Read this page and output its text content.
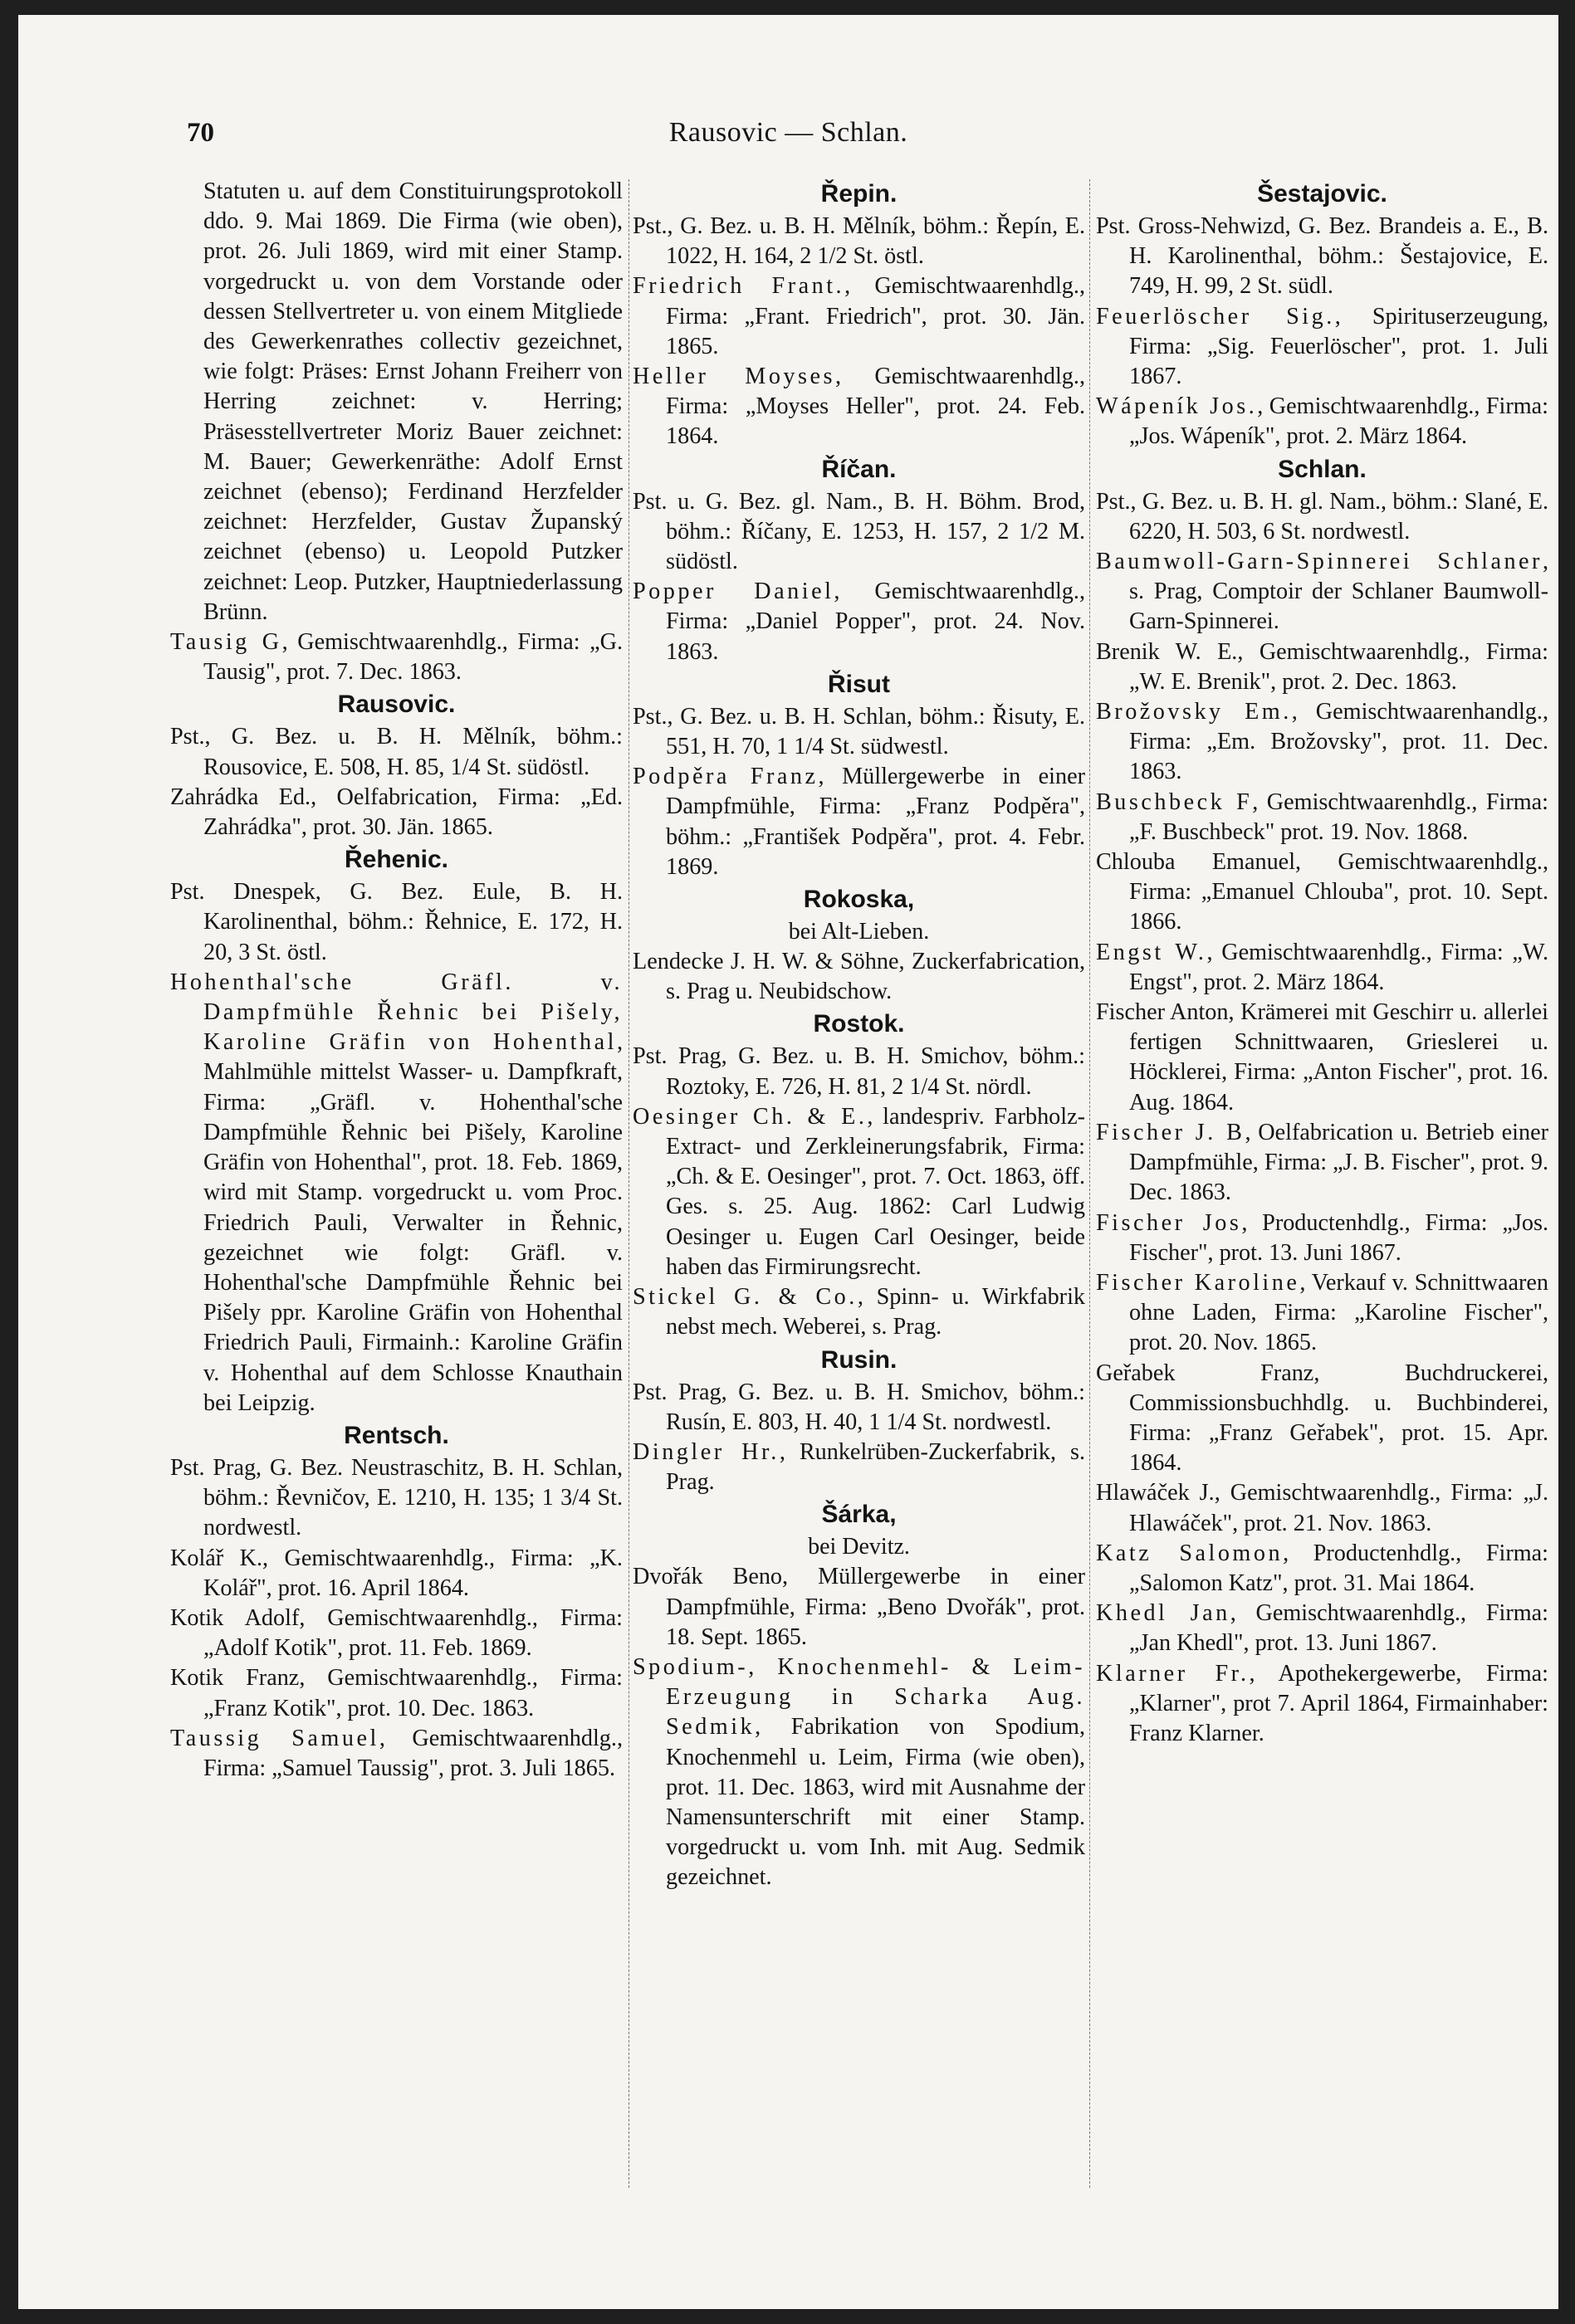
70	Rausovic — Schlan.
Statuten u. auf dem Constituirungsprotokoll ddo. 9. Mai 1869. Die Firma (wie oben), prot. 26. Juli 1869, wird mit einer Stamp. vorgedruckt u. von dem Vorstande oder dessen Stellvertreter u. von einem Mitgliede des Gewerkenrathes collectiv gezeichnet, wie folgt: Präses: Ernst Johann Freiherr von Herring zeichnet: v. Herring; Präsesstellvertreter Moriz Bauer zeichnet: M. Bauer; Gewerkenräthe: Adolf Ernst zeichnet (ebenso); Ferdinand Herzfelder zeichnet: Herzfelder, Gustav Županský zeichnet (ebenso) u. Leopold Putzker zeichnet: Leop. Putzker, Hauptniederlassung Brünn.
Tausig G, Gemischtwaarenhdlg., Firma: „G. Tausig", prot. 7. Dec. 1863.
Rausovic.
Pst., G. Bez. u. B. H. Mělník, böhm.: Rousovice, E. 508, H. 85, 1/4 St. südöstl.
Zahrádka Ed., Oelfabrication, Firma: „Ed. Zahrádka", prot. 30. Jän. 1865.
Řehenic.
Pst. Dnespek, G. Bez. Eule, B. H. Karolinenthal, böhm.: Řehnice, E. 172, H. 20, 3 St. östl.
Hohenthal'sche Gräfl. v. Dampfmühle Řehnic bei Pišely, Karoline Gräfin von Hohenthal, Mahlmühle mittelst Wasser- u. Dampfkraft, Firma: „Gräfl. v. Hohenthal'sche Dampfmühle Řehnic bei Pišely, Karoline Gräfin von Hohenthal", prot. 18. Feb. 1869, wird mit Stamp. vorgedruckt u. vom Proc. Friedrich Pauli, Verwalter in Řehnic, gezeichnet wie folgt: Gräfl. v. Hohenthal'sche Dampfmühle Řehnic bei Pišely ppr. Karoline Gräfin von Hohenthal Friedrich Pauli, Firmainh.: Karoline Gräfin v. Hohenthal auf dem Schlosse Knauthain bei Leipzig.
Rentsch.
Pst. Prag, G. Bez. Neustraschitz, B. H. Schlan, böhm.: Řevničov, E. 1210, H. 135; 1 3/4 St. nordwestl.
Kolář K., Gemischtwaarenhdlg., Firma: „K. Kolář", prot. 16. April 1864.
Kotik Adolf, Gemischtwaarenhdlg., Firma: „Adolf Kotik", prot. 11. Feb. 1869.
Kotik Franz, Gemischtwaarenhdlg., Firma: „Franz Kotik", prot. 10. Dec. 1863.
Taussig Samuel, Gemischtwaarenhdlg., Firma: „Samuel Taussig", prot. 3. Juli 1865.
Řepin.
Pst., G. Bez. u. B. H. Mělník, böhm.: Řepín, E. 1022, H. 164, 2 1/2 St. östl.
Friedrich Frant., Gemischtwaarenhdlg., Firma: „Frant. Friedrich", prot. 30. Jän. 1865.
Heller Moyses, Gemischtwaarenhdlg., Firma: „Moyses Heller", prot. 24. Feb. 1864.
Říčan.
Pst. u. G. Bez. gl. Nam., B. H. Böhm. Brod, böhm.: Říčany, E. 1253, H. 157, 2 1/2 M. südöstl.
Popper Daniel, Gemischtwaarenhdlg., Firma: „Daniel Popper", prot. 24. Nov. 1863.
Řisut
Pst., G. Bez. u. B. H. Schlan, böhm.: Řisuty, E. 551, H. 70, 1 1/4 St. südwestl.
Podpěra Franz, Müllergewerbe in einer Dampfmühle, Firma: „Franz Podpěra", böhm.: „František Podpěra", prot. 4. Febr. 1869.
Rokoska,
bei Alt-Lieben.
Lendecke J. H. W. & Söhne, Zuckerfabrication, s. Prag u. Neubidschow.
Rostok.
Pst. Prag, G. Bez. u. B. H. Smichov, böhm.: Roztoky, E. 726, H. 81, 2 1/4 St. nördl.
Oesinger Ch. & E., landespriv. Farbholz-Extract- und Zerkleinerungsfabrik, Firma: „Ch. & E. Oesinger", prot. 7. Oct. 1863, öff. Ges. s. 25. Aug. 1862: Carl Ludwig Oesinger u. Eugen Carl Oesinger, beide haben das Firmirungsrecht.
Stickel G. & Co., Spinn- u. Wirkfabrik nebst mech. Weberei, s. Prag.
Rusin.
Pst. Prag, G. Bez. u. B. H. Smichov, böhm.: Rusín, E. 803, H. 40, 1 1/4 St. nordwestl.
Dingler Hr., Runkelrüben-Zuckerfabrik, s. Prag.
Šárka,
bei Devitz.
Dvořák Beno, Müllergewerbe in einer Dampfmühle, Firma: „Beno Dvořák", prot. 18. Sept. 1865.
Spodium-, Knochenmehl- & Leim-Erzeugung in Scharka Aug. Sedmik, Fabrikation von Spodium, Knochenmehl u. Leim, Firma (wie oben), prot. 11. Dec. 1863, wird mit Ausnahme der Namensunterschrift mit einer Stamp. vorgedruckt u. vom Inh. mit Aug. Sedmik gezeichnet.
Šestajovic.
Pst. Gross-Nehwizd, G. Bez. Brandeis a. E., B. H. Karolinenthal, böhm.: Šestajovice, E. 749, H. 99, 2 St. südl.
Feuerlöscher Sig., Spirituserzeugung, Firma: „Sig. Feuerlöscher", prot. 1. Juli 1867.
Wápeník Jos., Gemischtwaarenhdlg., Firma: „Jos. Wápeník", prot. 2. März 1864.
Schlan.
Pst., G. Bez. u. B. H. gl. Nam., böhm.: Slané, E. 6220, H. 503, 6 St. nordwestl.
Baumwoll-Garn-Spinnerei Schlaner, s. Prag, Comptoir der Schlaner Baumwoll-Garn-Spinnerei.
Brenik W. E., Gemischtwaarenhdlg., Firma: „W. E. Brenik", prot. 2. Dec. 1863.
Brožovsky Em., Gemischtwaarenhandlg., Firma: „Em. Brožovsky", prot. 11. Dec. 1863.
Buschbeck F, Gemischtwaarenhdlg., Firma: „F. Buschbeck" prot. 19. Nov. 1868.
Chlouba Emanuel, Gemischtwaarenhdlg., Firma: „Emanuel Chlouba", prot. 10. Sept. 1866.
Engst W., Gemischtwaarenhdlg., Firma: „W. Engst", prot. 2. März 1864.
Fischer Anton, Krämerei mit Geschirr u. allerlei fertigen Schnittwaaren, Grieslerei u. Höcklerei, Firma: „Anton Fischer", prot. 16. Aug. 1864.
Fischer J. B, Oelfabrication u. Betrieb einer Dampfmühle, Firma: „J. B. Fischer", prot. 9. Dec. 1863.
Fischer Jos, Productenhdlg., Firma: „Jos. Fischer", prot. 13. Juni 1867.
Fischer Karoline, Verkauf v. Schnittwaaren ohne Laden, Firma: „Karoline Fischer", prot. 20. Nov. 1865.
Geřabek Franz, Buchdruckerei, Commissionsbuchhdlg. u. Buchbinderei, Firma: „Franz Geřabek", prot. 15. Apr. 1864.
Hlawáček J., Gemischtwaarenhdlg., Firma: „J. Hlawáček", prot. 21. Nov. 1863.
Katz Salomon, Productenhdlg., Firma: „Salomon Katz", prot. 31. Mai 1864.
Khedl Jan, Gemischtwaarenhdlg., Firma: „Jan Khedl", prot. 13. Juni 1867.
Klarner Fr., Apothekergewerbe, Firma: „Klarner", prot 7. April 1864, Firmainhaber: Franz Klarner.
